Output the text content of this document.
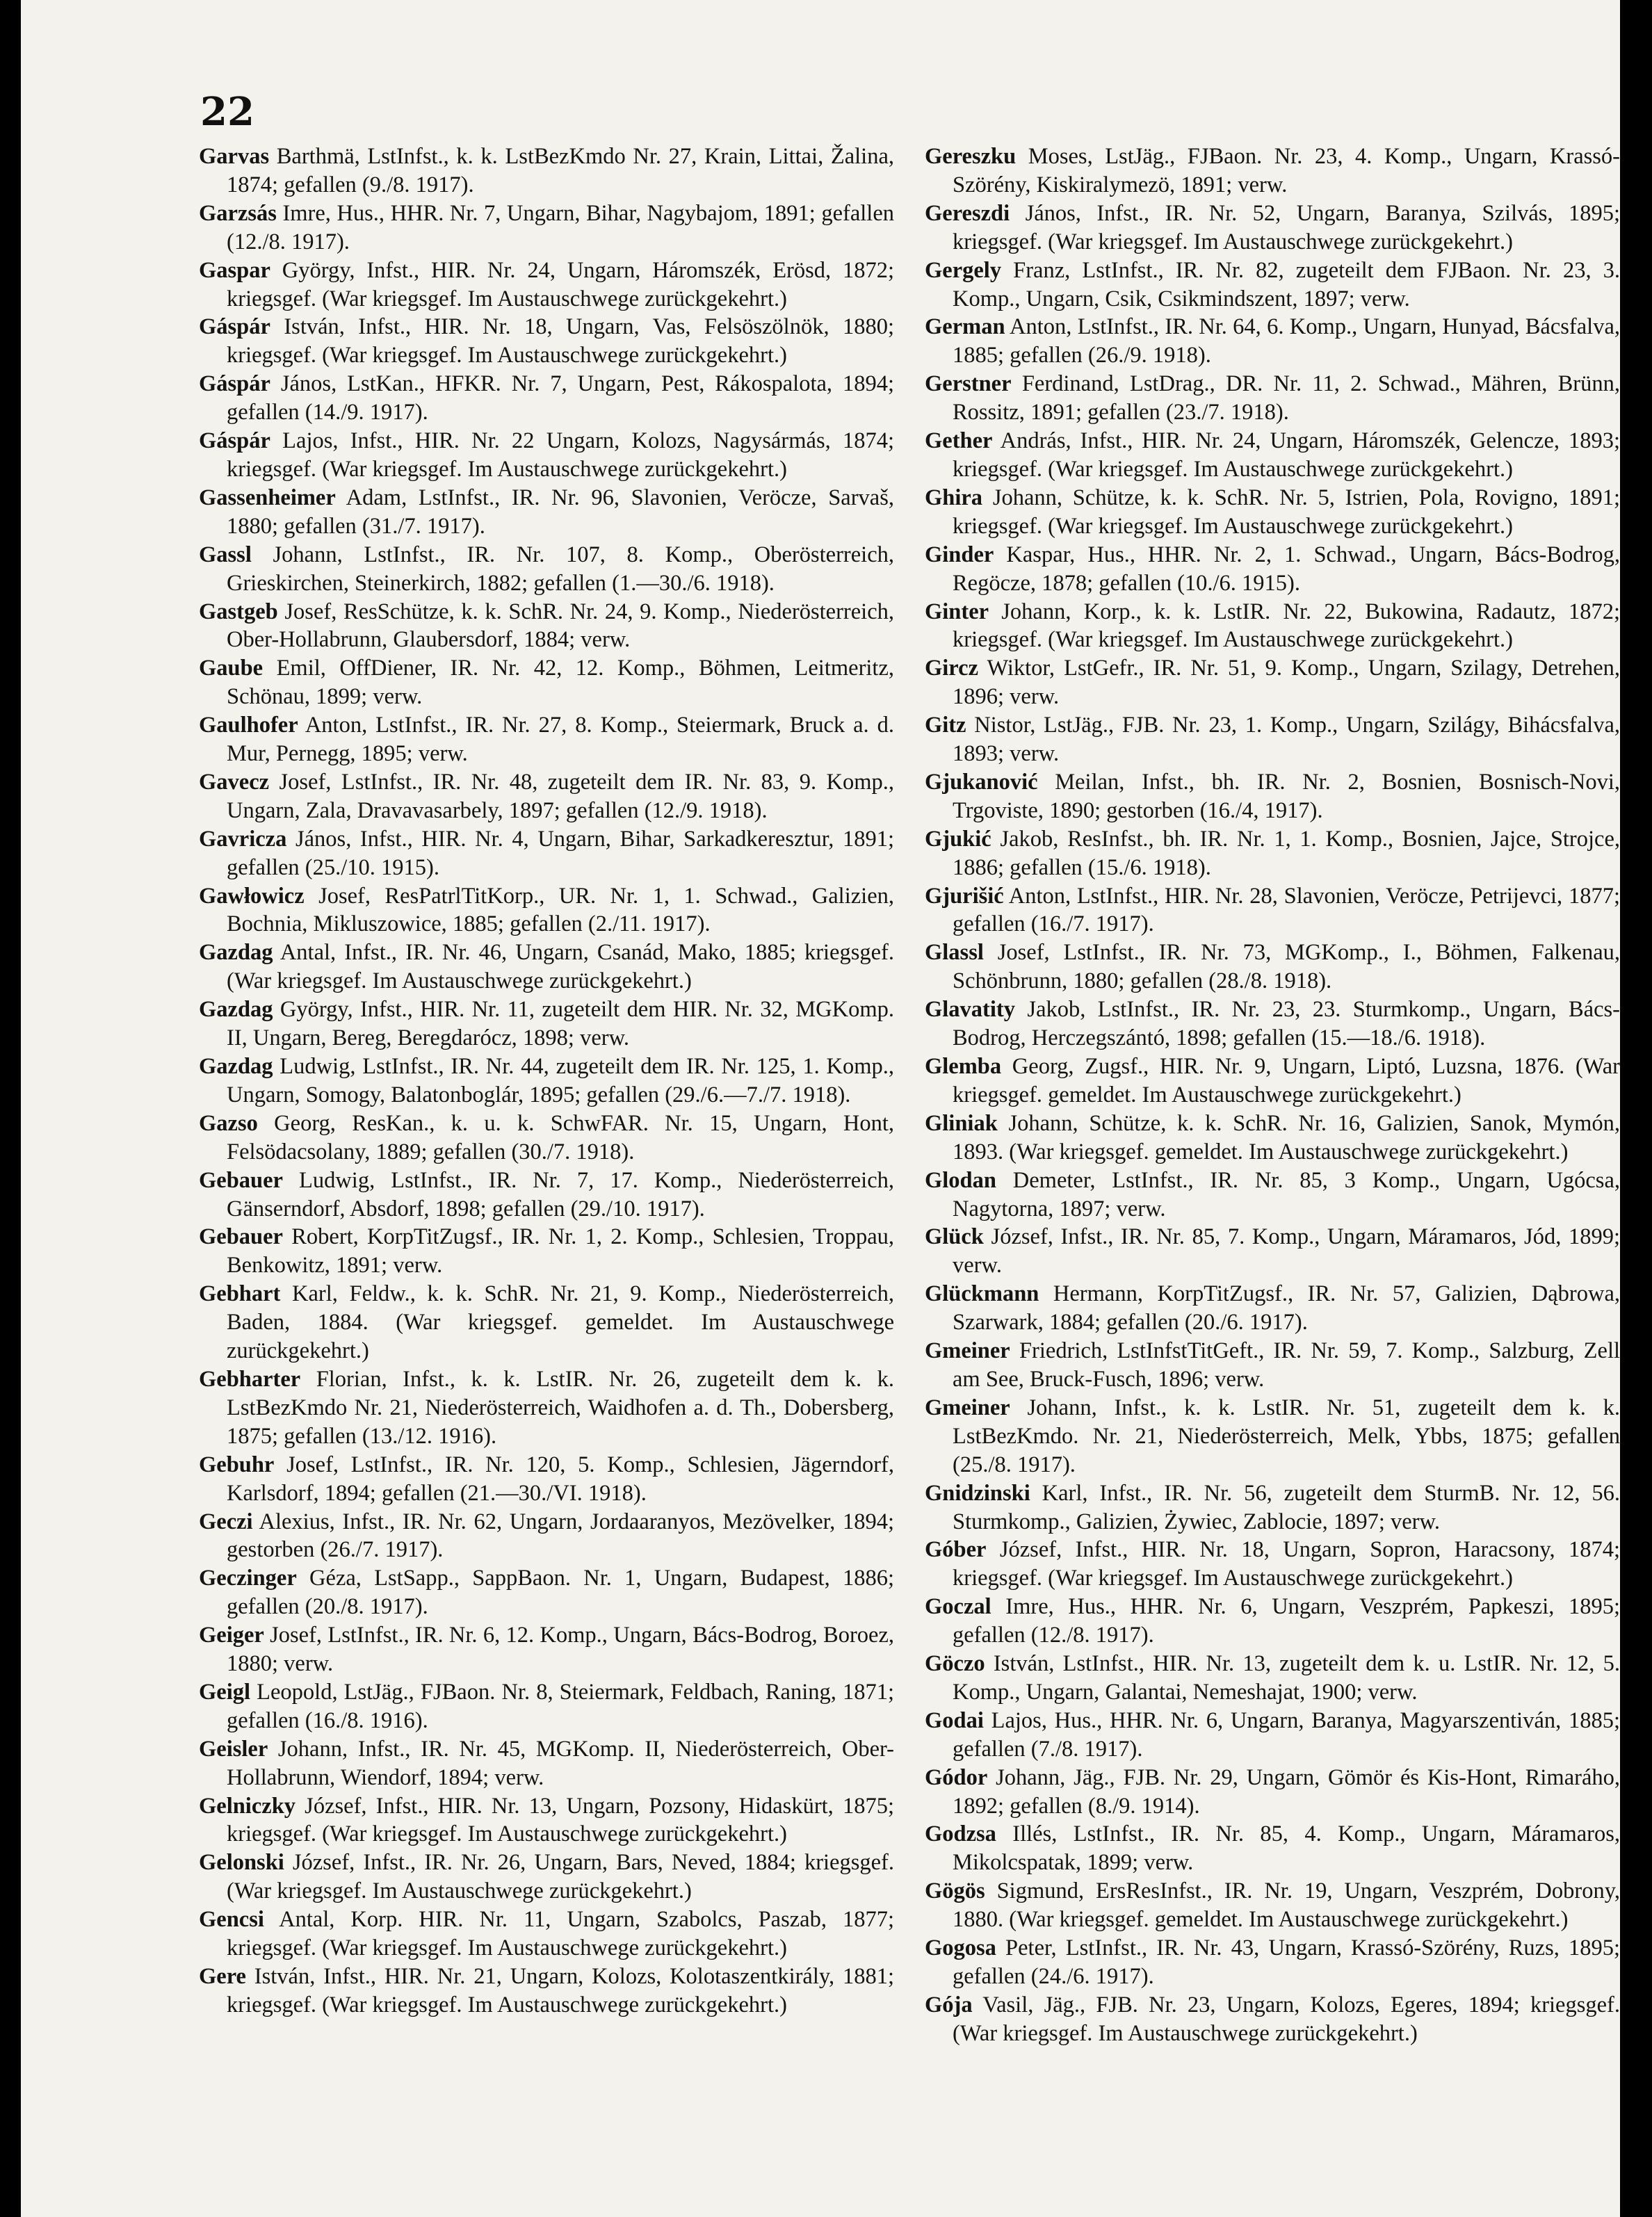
22

Garvas Barthmä, LstInfst., k. k. LstBezKmdo Nr. 27, Krain, Littai, Žalina, 1874; gefallen (9./8. 1917).

Garzsás Imre, Hus., HHR. Nr. 7, Ungarn, Bihar, Nagybajom, 1891; gefallen (12./8. 1917).

Gaspar György, Infst., HIR. Nr. 24, Ungarn, Háromszék, Erösd, 1872; kriegsgef. (War kriegsgef. Im Austauschwege zurückgekehrt.)

Gáspár István, Infst., HIR. Nr. 18, Ungarn, Vas, Felsöszölnök, 1880; kriegsgef. (War kriegsgef. Im Austauschwege zurückgekehrt.)

Gáspár János, LstKan., HFKR. Nr. 7, Ungarn, Pest, Rákospalota, 1894; gefallen (14./9. 1917).

Gáspár Lajos, Infst., HIR. Nr. 22 Ungarn, Kolozs, Nagysármás, 1874; kriegsgef. (War kriegsgef. Im Austauschwege zurückgekehrt.)

Gassenheimer Adam, LstInfst., IR. Nr. 96, Slavonien, Veröcze, Sarvaš, 1880; gefallen (31./7. 1917).

Gassl Johann, LstInfst., IR. Nr. 107, 8. Komp., Oberösterreich, Grieskirchen, Steinerkirch, 1882; gefallen (1.—30./6. 1918).

Gastgeb Josef, ResSchütze, k. k. SchR. Nr. 24, 9. Komp., Niederösterreich, Ober-Hollabrunn, Glaubersdorf, 1884; verw.

Gaube Emil, OffDiener, IR. Nr. 42, 12. Komp., Böhmen, Leitmeritz, Schönau, 1899; verw.

Gaulhofer Anton, LstInfst., IR. Nr. 27, 8. Komp., Steiermark, Bruck a. d. Mur, Pernegg, 1895; verw.

Gavecz Josef, LstInfst., IR. Nr. 48, zugeteilt dem IR. Nr. 83, 9. Komp., Ungarn, Zala, Dravavasarbely, 1897; gefallen (12./9. 1918).

Gavricza János, Infst., HIR. Nr. 4, Ungarn, Bihar, Sarkadkeresztur, 1891; gefallen (25./10. 1915).

Gawłowicz Josef, ResPatrlTitKorp., UR. Nr. 1, 1. Schwad., Galizien, Bochnia, Mikluszowice, 1885; gefallen (2./11. 1917).

Gazdag Antal, Infst., IR. Nr. 46, Ungarn, Csanád, Mako, 1885; kriegsgef. (War kriegsgef. Im Austauschwege zurückgekehrt.)

Gazdag György, Infst., HIR. Nr. 11, zugeteilt dem HIR. Nr. 32, MGKomp. II, Ungarn, Bereg, Beregdarócz, 1898; verw.

Gazdag Ludwig, LstInfst., IR. Nr. 44, zugeteilt dem IR. Nr. 125, 1. Komp., Ungarn, Somogy, Balatonboglár, 1895; gefallen (29./6.—7./7. 1918).

Gazso Georg, ResKan., k. u. k. SchwFAR. Nr. 15, Ungarn, Hont, Felsödacsolany, 1889; gefallen (30./7. 1918).

Gebauer Ludwig, LstInfst., IR. Nr. 7, 17. Komp., Niederösterreich, Gänserndorf, Absdorf, 1898; gefallen (29./10. 1917).

Gebauer Robert, KorpTitZugsf., IR. Nr. 1, 2. Komp., Schlesien, Troppau, Benkowitz, 1891; verw.

Gebhart Karl, Feldw., k. k. SchR. Nr. 21, 9. Komp., Niederösterreich, Baden, 1884. (War kriegsgef. gemeldet. Im Austauschwege zurückgekehrt.)

Gebharter Florian, Infst., k. k. LstIR. Nr. 26, zugeteilt dem k. k. LstBezKmdo Nr. 21, Niederösterreich, Waidhofen a. d. Th., Dobersberg, 1875; gefallen (13./12. 1916).

Gebuhr Josef, LstInfst., IR. Nr. 120, 5. Komp., Schlesien, Jägerndorf, Karlsdorf, 1894; gefallen (21.—30./VI. 1918).

Geczi Alexius, Infst., IR. Nr. 62, Ungarn, Jordaaranyos, Mezövelker, 1894; gestorben (26./7. 1917).

Geczinger Géza, LstSapp., SappBaon. Nr. 1, Ungarn, Budapest, 1886; gefallen (20./8. 1917).

Geiger Josef, LstInfst., IR. Nr. 6, 12. Komp., Ungarn, Bács-Bodrog, Boroez, 1880; verw.

Geigl Leopold, LstJäg., FJBaon. Nr. 8, Steiermark, Feldbach, Raning, 1871; gefallen (16./8. 1916).

Geisler Johann, Infst., IR. Nr. 45, MGKomp. II, Niederösterreich, Ober-Hollabrunn, Wiendorf, 1894; verw.

Gelniczky József, Infst., HIR. Nr. 13, Ungarn, Pozsony, Hidaskürt, 1875; kriegsgef. (War kriegsgef. Im Austauschwege zurückgekehrt.)

Gelonski József, Infst., IR. Nr. 26, Ungarn, Bars, Neved, 1884; kriegsgef. (War kriegsgef. Im Austauschwege zurückgekehrt.)

Gencsi Antal, Korp. HIR. Nr. 11, Ungarn, Szabolcs, Paszab, 1877; kriegsgef. (War kriegsgef. Im Austauschwege zurückgekehrt.)

Gere István, Infst., HIR. Nr. 21, Ungarn, Kolozs, Kolotaszentkirály, 1881; kriegsgef. (War kriegsgef. Im Austauschwege zurückgekehrt.)

Gereszku Moses, LstJäg., FJBaon. Nr. 23, 4. Komp., Ungarn, Krassó-Szörény, Kiskiralymezö, 1891; verw.

Gereszdi János, Infst., IR. Nr. 52, Ungarn, Baranya, Szilvás, 1895; kriegsgef. (War kriegsgef. Im Austauschwege zurückgekehrt.)

Gergely Franz, LstInfst., IR. Nr. 82, zugeteilt dem FJBaon. Nr. 23, 3. Komp., Ungarn, Csik, Csikmindszent, 1897; verw.

German Anton, LstInfst., IR. Nr. 64, 6. Komp., Ungarn, Hunyad, Bácsfalva, 1885; gefallen (26./9. 1918).

Gerstner Ferdinand, LstDrag., DR. Nr. 11, 2. Schwad., Mähren, Brünn, Rossitz, 1891; gefallen (23./7. 1918).

Gether András, Infst., HIR. Nr. 24, Ungarn, Háromszék, Gelencze, 1893; kriegsgef. (War kriegsgef. Im Austauschwege zurückgekehrt.)

Ghira Johann, Schütze, k. k. SchR. Nr. 5, Istrien, Pola, Rovigno, 1891; kriegsgef. (War kriegsgef. Im Austauschwege zurückgekehrt.)

Ginder Kaspar, Hus., HHR. Nr. 2, 1. Schwad., Ungarn, Bács-Bodrog, Regöcze, 1878; gefallen (10./6. 1915).

Ginter Johann, Korp., k. k. LstIR. Nr. 22, Bukowina, Radautz, 1872; kriegsgef. (War kriegsgef. Im Austauschwege zurückgekehrt.)

Gircz Wiktor, LstGefr., IR. Nr. 51, 9. Komp., Ungarn, Szilagy, Detrehen, 1896; verw.

Gitz Nistor, LstJäg., FJB. Nr. 23, 1. Komp., Ungarn, Szilágy, Bihácsfalva, 1893; verw.

Gjukanović Meilan, Infst., bh. IR. Nr. 2, Bosnien, Bosnisch-Novi, Trgoviste, 1890; gestorben (16./4, 1917).

Gjukić Jakob, ResInfst., bh. IR. Nr. 1, 1. Komp., Bosnien, Jajce, Strojce, 1886; gefallen (15./6. 1918).

Gjurišić Anton, LstInfst., HIR. Nr. 28, Slavonien, Veröcze, Petrijevci, 1877; gefallen (16./7. 1917).

Glassl Josef, LstInfst., IR. Nr. 73, MGKomp., I., Böhmen, Falkenau, Schönbrunn, 1880; gefallen (28./8. 1918).

Glavatity Jakob, LstInfst., IR. Nr. 23, 23. Sturmkomp., Ungarn, Bács-Bodrog, Herczegszántó, 1898; gefallen (15.—18./6. 1918).

Glemba Georg, Zugsf., HIR. Nr. 9, Ungarn, Liptó, Luzsna, 1876. (War kriegsgef. gemeldet. Im Austauschwege zurückgekehrt.)

Gliniak Johann, Schütze, k. k. SchR. Nr. 16, Galizien, Sanok, Mymón, 1893. (War kriegsgef. gemeldet. Im Austauschwege zurückgekehrt.)

Glodan Demeter, LstInfst., IR. Nr. 85, 3 Komp., Ungarn, Ugócsa, Nagytorna, 1897; verw.

Glück József, Infst., IR. Nr. 85, 7. Komp., Ungarn, Máramaros, Jód, 1899; verw.

Glückmann Hermann, KorpTitZugsf., IR. Nr. 57, Galizien, Dąbrowa, Szarwark, 1884; gefallen (20./6. 1917).

Gmeiner Friedrich, LstInfstTitGeft., IR. Nr. 59, 7. Komp., Salzburg, Zell am See, Bruck-Fusch, 1896; verw.

Gmeiner Johann, Infst., k. k. LstIR. Nr. 51, zugeteilt dem k. k. LstBezKmdo. Nr. 21, Niederösterreich, Melk, Ybbs, 1875; gefallen (25./8. 1917).

Gnidzinski Karl, Infst., IR. Nr. 56, zugeteilt dem SturmB. Nr. 12, 56. Sturmkomp., Galizien, Żywiec, Zablocie, 1897; verw.

Góber József, Infst., HIR. Nr. 18, Ungarn, Sopron, Haracsony, 1874; kriegsgef. (War kriegsgef. Im Austauschwege zurückgekehrt.)

Goczal Imre, Hus., HHR. Nr. 6, Ungarn, Veszprém, Papkeszi, 1895; gefallen (12./8. 1917).

Göczo István, LstInfst., HIR. Nr. 13, zugeteilt dem k. u. LstIR. Nr. 12, 5. Komp., Ungarn, Galantai, Nemeshajat, 1900; verw.

Godai Lajos, Hus., HHR. Nr. 6, Ungarn, Baranya, Magyarszentiván, 1885; gefallen (7./8. 1917).

Gódor Johann, Jäg., FJB. Nr. 29, Ungarn, Gömör és Kis-Hont, Rimaráho, 1892; gefallen (8./9. 1914).

Godzsa Illés, LstInfst., IR. Nr. 85, 4. Komp., Ungarn, Máramaros, Mikolcspatak, 1899; verw.

Gögös Sigmund, ErsResInfst., IR. Nr. 19, Ungarn, Veszprém, Dobrony, 1880. (War kriegsgef. gemeldet. Im Austauschwege zurückgekehrt.)

Gogosa Peter, LstInfst., IR. Nr. 43, Ungarn, Krassó-Szörény, Ruzs, 1895; gefallen (24./6. 1917).

Gója Vasil, Jäg., FJB. Nr. 23, Ungarn, Kolozs, Egeres, 1894; kriegsgef. (War kriegsgef. Im Austauschwege zurückgekehrt.)
